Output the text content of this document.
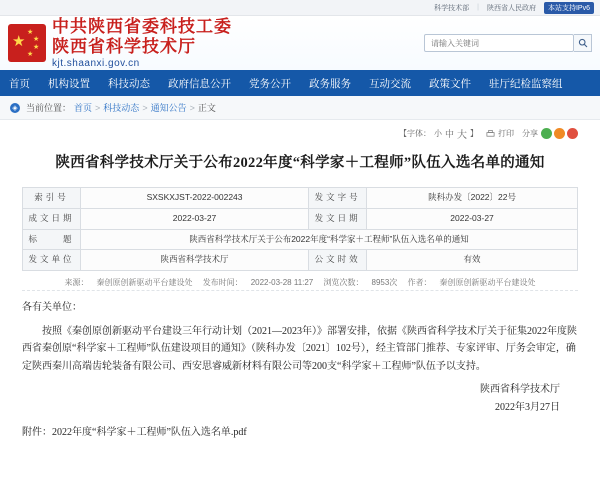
科学技术部 | 陕西省人民政府	本站支持IPv6
★
★
★
★
★
中共陕西省委科技工委
陕西省科学技术厅
kjt.shaanxi.gov.cn
请输入关键词
首页	机构设置	科技动态	政府信息公开	党务公开	政务服务	互动交流	政策文件	驻厅纪检监察组
◈ 当前位置： 首页 > 科技动态 > 通知公告 > 正文
【字体： 小 中 大 】	打印 分享
陕西省科学技术厅关于公布2022年度“科学家＋工程师”队伍入选名单的通知
索引号	SXSKXJST-2022-002243	发文字号	陕科办发〔2022〕22号
成文日期	2022-03-27	发文日期	2022-03-27
标　　题	陕西省科学技术厅关于公布2022年度“科学家＋工程师”队伍入选名单的通知		
发文单位	陕西省科学技术厅	公文时效	有效
来源： 秦创原创新驱动平台建设处 发布时间： 2022-03-28 11:27 浏览次数： 8953次 作者： 秦创原创新驱动平台建设处

各有关单位：

按照《秦创原创新驱动平台建设三年行动计划（2021—2023年）》部署安排，依据《陕西省科学技术厅关于征集2022年度陕西省秦创原“科学家＋工程师”队伍建设项目的通知》（陕科办发〔2021〕102号），经主管部门推荐、专家评审、厅务会审定，确定陕西秦川高端齿轮装备有限公司、西安思睿威新材料有限公司等200支“科学家＋工程师”队伍予以支持。

陕西省科学技术厅
2022年3月27日
附件：2022年度“科学家＋工程师”队伍入选名单.pdf
